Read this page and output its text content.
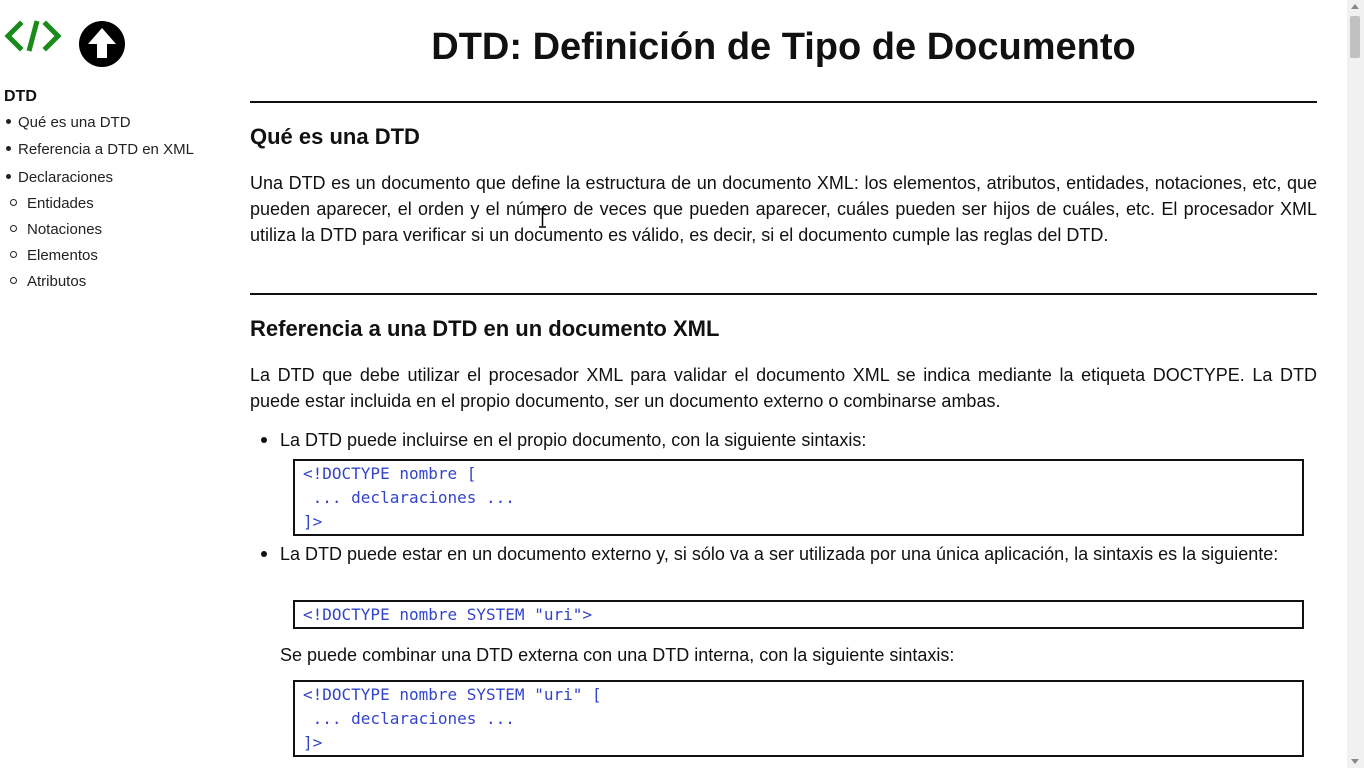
DTD
Qué es una DTD
Referencia a DTD en XML
Declaraciones
Entidades
Notaciones
Elementos
Atributos
DTD: Definición de Tipo de Documento
Qué es una DTD

Una DTD es un documento que define la estructura de un documento XML: los elementos, atributos, entidades, notaciones, etc, que pueden aparecer, el orden y el número de veces que pueden aparecer, cuáles pueden ser hijos de cuáles, etc. El procesador XML utiliza la DTD para verificar si un documento es válido, es decir, si el documento cumple las reglas del DTD.

Referencia a una DTD en un documento XML

La DTD que debe utilizar el procesador XML para validar el documento XML se indica mediante la etiqueta DOCTYPE. La DTD puede estar incluida en el propio documento, ser un documento externo o combinarse ambas.

La DTD puede incluirse en el propio documento, con la siguiente sintaxis:
<!DOCTYPE nombre [
... declaraciones ...
]>
La DTD puede estar en un documento externo y, si sólo va a ser utilizada por una única aplicación, la sintaxis es la siguiente:
<!DOCTYPE nombre SYSTEM "uri">
Se puede combinar una DTD externa con una DTD interna, con la siguiente sintaxis:
<!DOCTYPE nombre SYSTEM "uri" [
... declaraciones ...
]>
